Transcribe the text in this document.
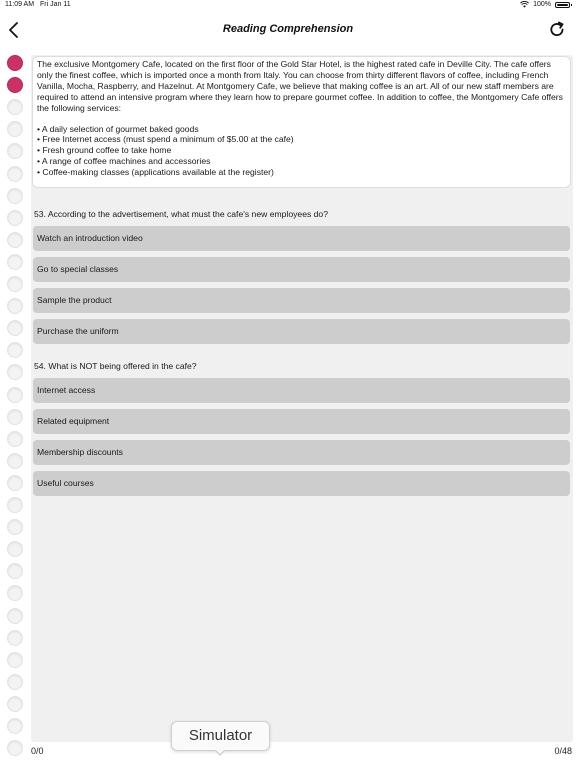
11:09 AM Fri Jan 11	100%
Reading Comprehension

The exclusive Montgomery Cafe, located on the first floor of the Gold Star Hotel, is the highest rated cafe in Deville City. The cafe offers only the finest coffee, which is imported once a month from Italy. You can choose from thirty different flavors of coffee, including French Vanilla, Mocha, Raspberry, and Hazelnut. At Montgomery Cafe, we believe that making coffee is an art. All of our new staff members are required to attend an intensive program where they learn how to prepare gourmet coffee. In addition to coffee, the Montgomery Cafe offers the following services:

• A daily selection of gourmet baked goods
• Free Internet access (must spend a minimum of $5.00 at the cafe)
• Fresh ground coffee to take home
• A range of coffee machines and accessories
• Coffee-making classes (applications available at the register)
53. According to the advertisement, what must the cafe's new employees do?
Watch an introduction video
Go to special classes
Sample the product
Purchase the uniform
54. What is NOT being offered in the cafe?
Internet access
Related equipment
Membership discounts
Useful courses
0/0	0/48
Simulator
